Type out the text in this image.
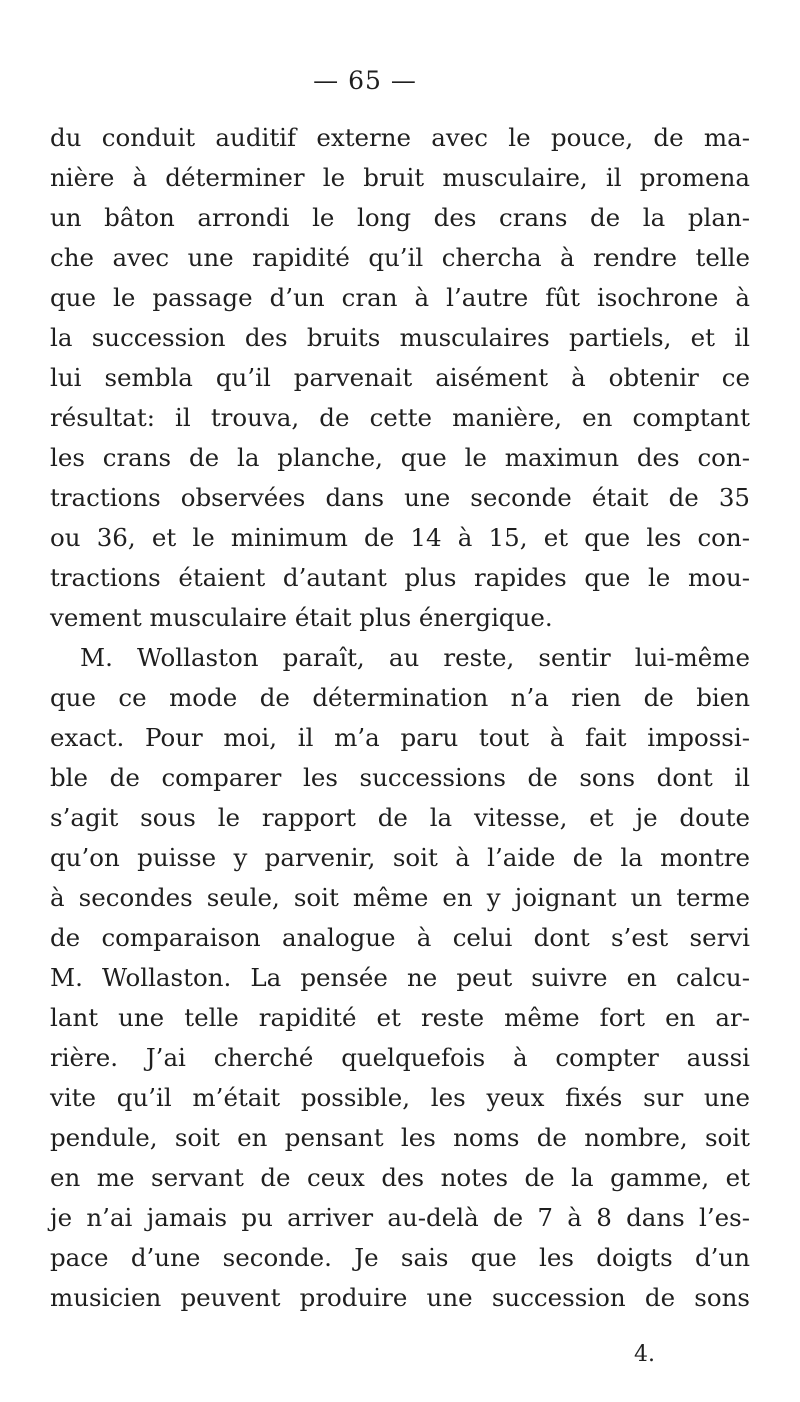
— 65 —
du conduit auditif externe avec le pouce, de ma-
nière à déterminer le bruit musculaire, il promena
un bâton arrondi le long des crans de la plan-
che avec une rapidité qu’il chercha à rendre telle
que le passage d’un cran à l’autre fût isochrone à
la succession des bruits musculaires partiels, et il
lui sembla qu’il parvenait aisément à obtenir ce
résultat: il trouva, de cette manière, en comptant
les crans de la planche, que le maximun des con-
tractions observées dans une seconde était de 35
ou 36, et le minimum de 14 à 15, et que les con-
tractions étaient d’autant plus rapides que le mou-
vement musculaire était plus énergique.
M. Wollaston paraît, au reste, sentir lui-même
que ce mode de détermination n’a rien de bien
exact. Pour moi, il m’a paru tout à fait impossi-
ble de comparer les successions de sons dont il
s’agit sous le rapport de la vitesse, et je doute
qu’on puisse y parvenir, soit à l’aide de la montre
à secondes seule, soit même en y joignant un terme
de comparaison analogue à celui dont s’est servi
M. Wollaston. La pensée ne peut suivre en calcu-
lant une telle rapidité et reste même fort en ar-
rière. J’ai cherché quelquefois à compter aussi
vite qu’il m’était possible, les yeux fixés sur une
pendule, soit en pensant les noms de nombre, soit
en me servant de ceux des notes de la gamme, et
je n’ai jamais pu arriver au-delà de 7 à 8 dans l’es-
pace d’une seconde. Je sais que les doigts d’un
musicien peuvent produire une succession de sons
4.
